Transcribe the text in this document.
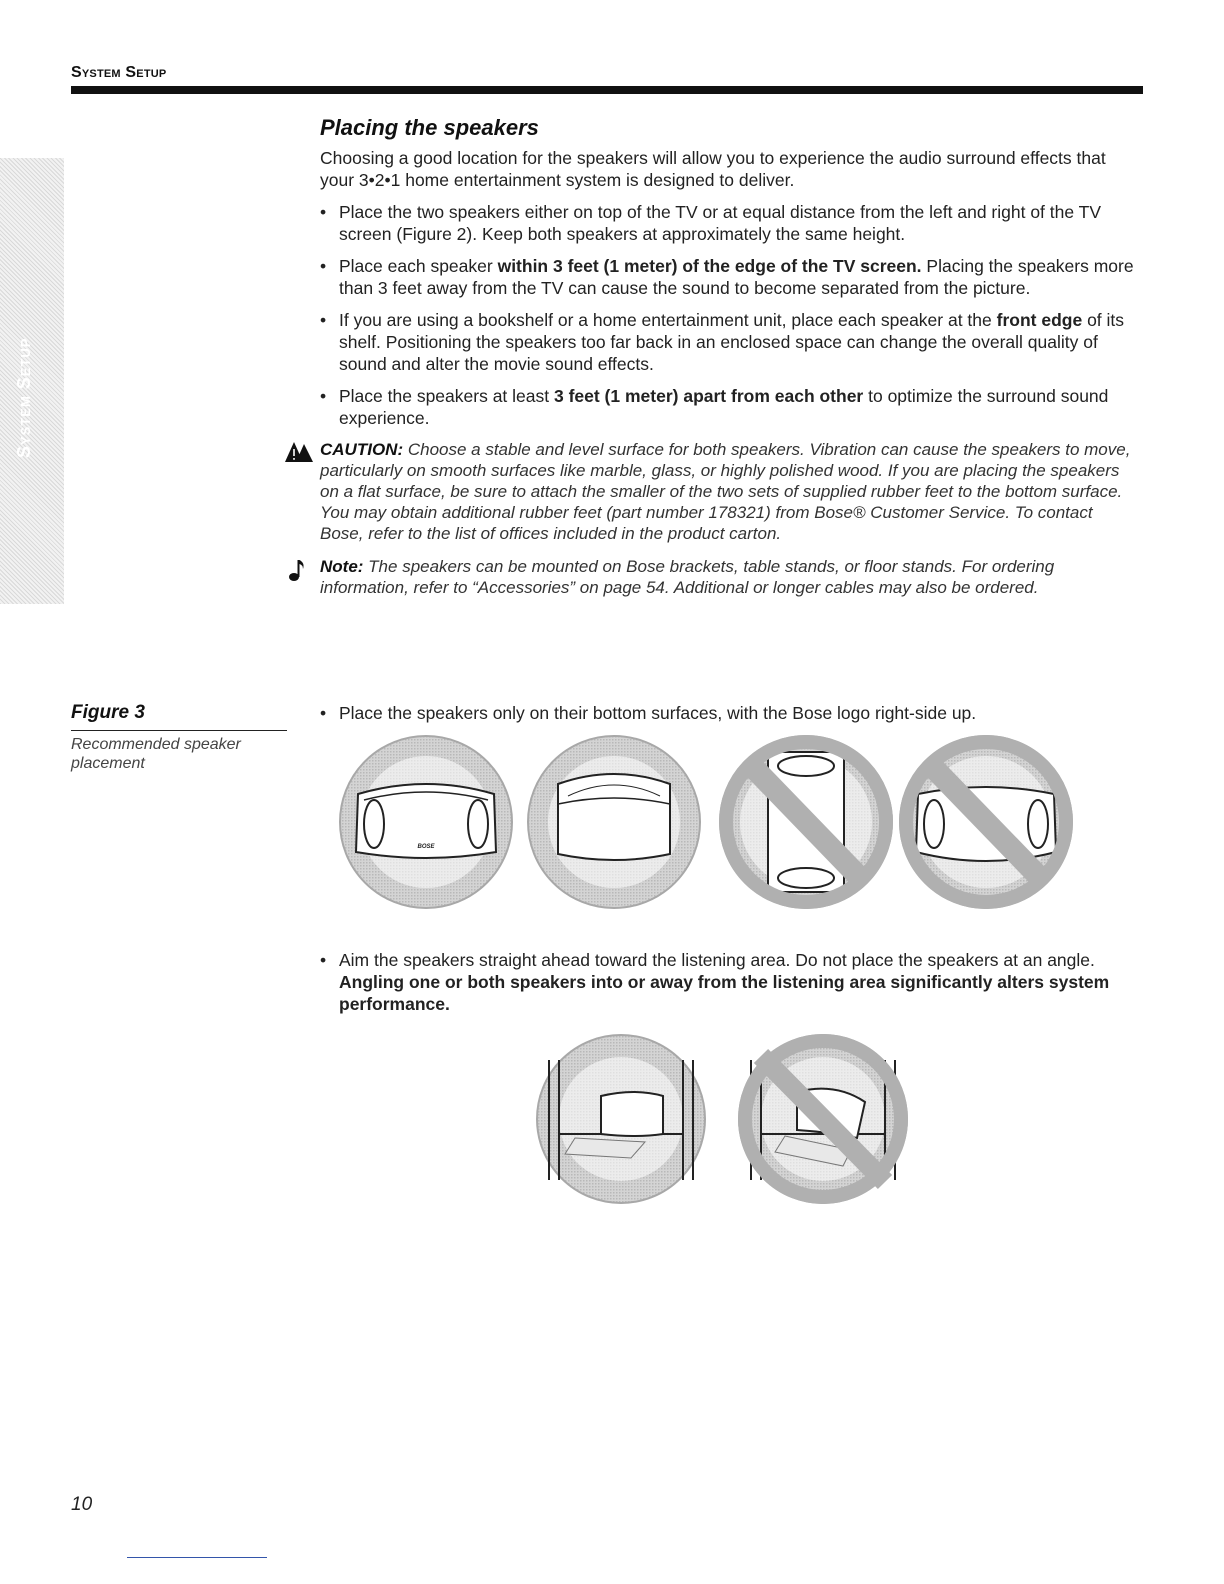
System Setup
System Setup
Placing the speakers

Choosing a good location for the speakers will allow you to experience the audio surround effects that your 3•2•1 home entertainment system is designed to deliver.

• Place the two speakers either on top of the TV or at equal distance from the left and right of the TV screen (Figure 2). Keep both speakers at approximately the same height.
• Place each speaker within 3 feet (1 meter) of the edge of the TV screen. Placing the speakers more than 3 feet away from the TV can cause the sound to become separated from the picture.
• If you are using a bookshelf or a home entertainment unit, place each speaker at the front edge of its shelf. Positioning the speakers too far back in an enclosed space can change the overall quality of sound and alter the movie sound effects.
• Place the speakers at least 3 feet (1 meter) apart from each other to optimize the surround sound experience.
CAUTION: Choose a stable and level surface for both speakers. Vibration can cause the speakers to move, particularly on smooth surfaces like marble, glass, or highly polished wood. If you are placing the speakers on a flat surface, be sure to attach the smaller of the two sets of supplied rubber feet to the bottom surface. You may obtain additional rubber feet (part number 178321) from Bose® Customer Service. To contact Bose, refer to the list of offices included in the product carton.
Note: The speakers can be mounted on Bose brackets, table stands, or floor stands. For ordering information, refer to “Accessories” on page 54. Additional or longer cables may also be ordered.
Figure 3
Recommended speaker placement
• Place the speakers only on their bottom surfaces, with the Bose logo right-side up.
BOSE
• Aim the speakers straight ahead toward the listening area. Do not place the speakers at an angle. Angling one or both speakers into or away from the listening area significantly alters system performance.
10
